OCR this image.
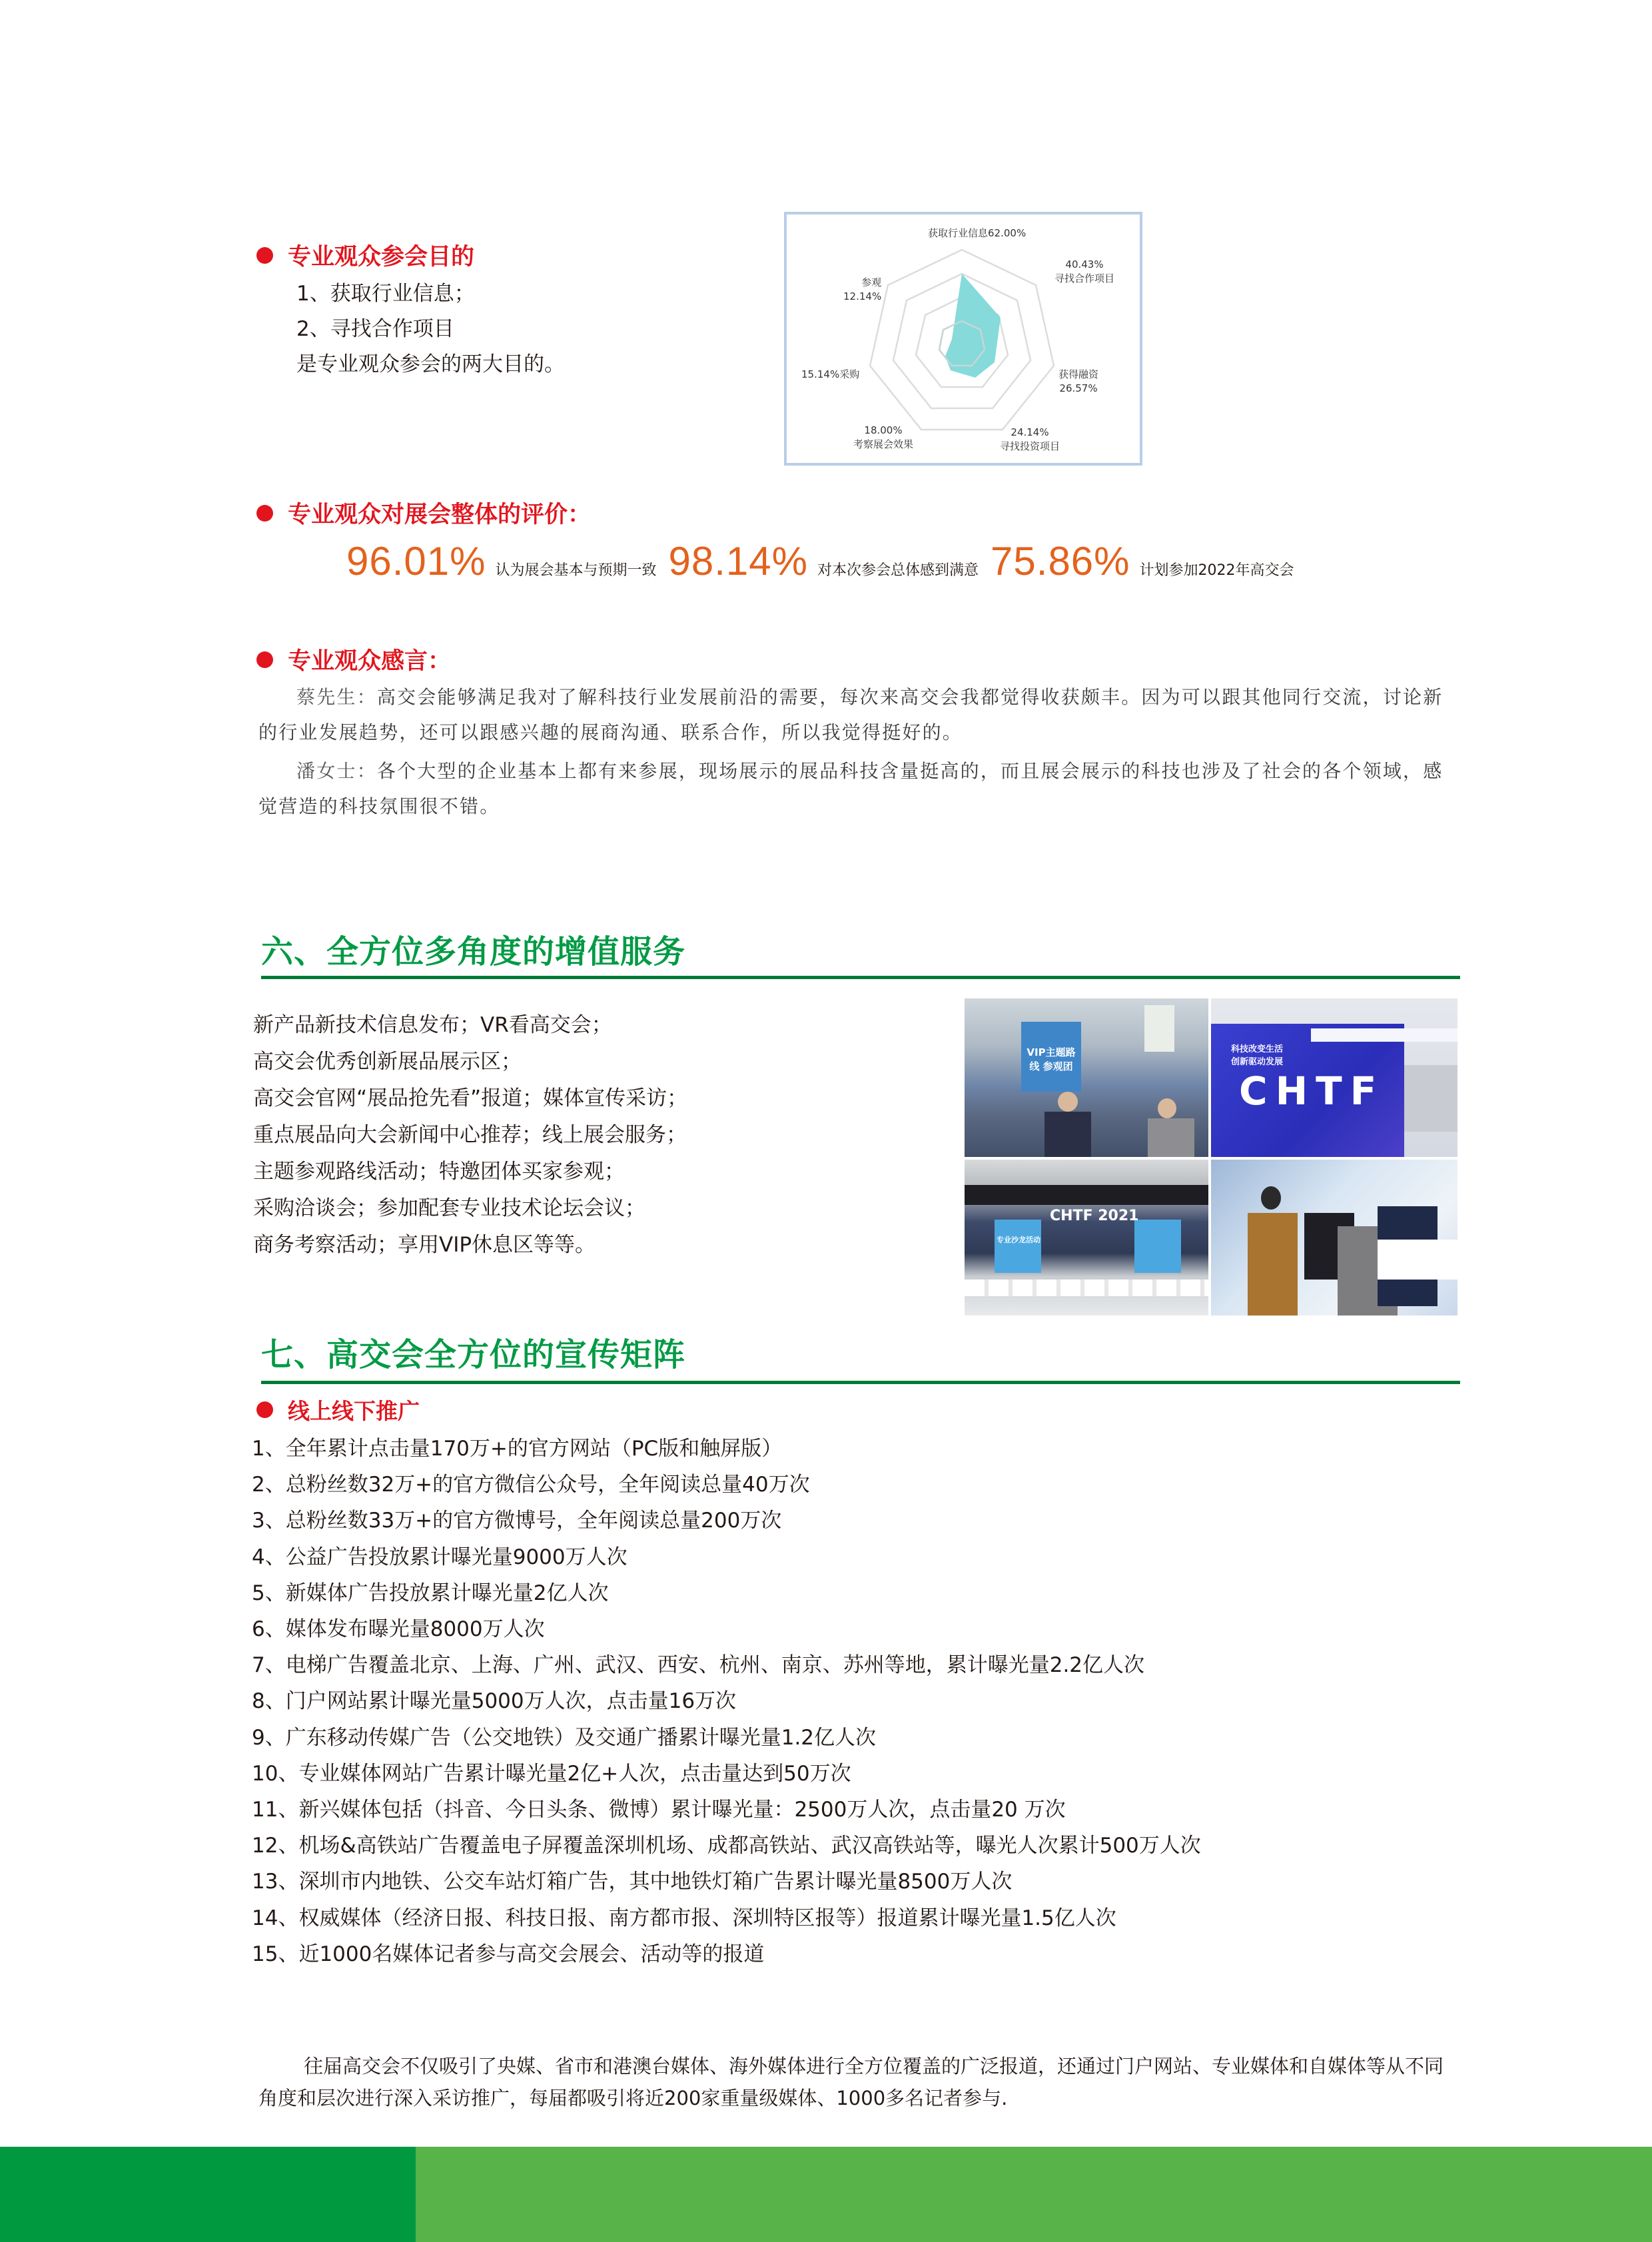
专业观众参会目的
1、获取行业信息；
2、寻找合作项目
是专业观众参会的两大目的。
获取行业信息62.00%
40.43%
寻找合作项目
获得融资
26.57%
24.14%
寻找投资项目
18.00%
考察展会效果
15.14%采购
参观
12.14%
专业观众对展会整体的评价：
96.01% 认为展会基本与预期一致 98.14% 对本次参会总体感到满意 75.86% 计划参加2022年高交会
专业观众感言：

蔡先生：高交会能够满足我对了解科技行业发展前沿的需要，每次来高交会我都觉得收获颇丰。因为可以跟其他同行交流，讨论新的行业发展趋势，还可以跟感兴趣的展商沟通、联系合作，所以我觉得挺好的。

潘女士：各个大型的企业基本上都有来参展，现场展示的展品科技含量挺高的，而且展会展示的科技也涉及了社会的各个领域，感觉营造的科技氛围很不错。

六、全方位多角度的增值服务
新产品新技术信息发布；VR看高交会；
高交会优秀创新展品展示区；
高交会官网“展品抢先看”报道；媒体宣传采访；
重点展品向大会新闻中心推荐；线上展会服务；
主题参观路线活动；特邀团体买家参观；
采购洽谈会；参加配套专业技术论坛会议；
商务考察活动；享用VIP休息区等等。
VIP主题路线 参观团
CHTF
科技改变生活 创新驱动发展
CHTF 2021
专业沙龙活动
七、高交会全方位的宣传矩阵
线上线下推广
1、全年累计点击量170万+的官方网站（PC版和触屏版）
2、总粉丝数32万+的官方微信公众号，全年阅读总量40万次
3、总粉丝数33万+的官方微博号，全年阅读总量200万次
4、公益广告投放累计曝光量9000万人次
5、新媒体广告投放累计曝光量2亿人次
6、媒体发布曝光量8000万人次
7、电梯广告覆盖北京、上海、广州、武汉、西安、杭州、南京、苏州等地，累计曝光量2.2亿人次
8、门户网站累计曝光量5000万人次，点击量16万次
9、广东移动传媒广告（公交地铁）及交通广播累计曝光量1.2亿人次
10、专业媒体网站广告累计曝光量2亿+人次，点击量达到50万次
11、新兴媒体包括（抖音、今日头条、微博）累计曝光量：2500万人次，点击量20 万次
12、机场&高铁站广告覆盖电子屏覆盖深圳机场、成都高铁站、武汉高铁站等，曝光人次累计500万人次
13、深圳市内地铁、公交车站灯箱广告，其中地铁灯箱广告累计曝光量8500万人次
14、权威媒体（经济日报、科技日报、南方都市报、深圳特区报等）报道累计曝光量1.5亿人次
15、近1000名媒体记者参与高交会展会、活动等的报道

往届高交会不仅吸引了央媒、省市和港澳台媒体、海外媒体进行全方位覆盖的广泛报道，还通过门户网站、专业媒体和自媒体等从不同角度和层次进行深入采访推广，每届都吸引将近200家重量级媒体、1000多名记者参与.
